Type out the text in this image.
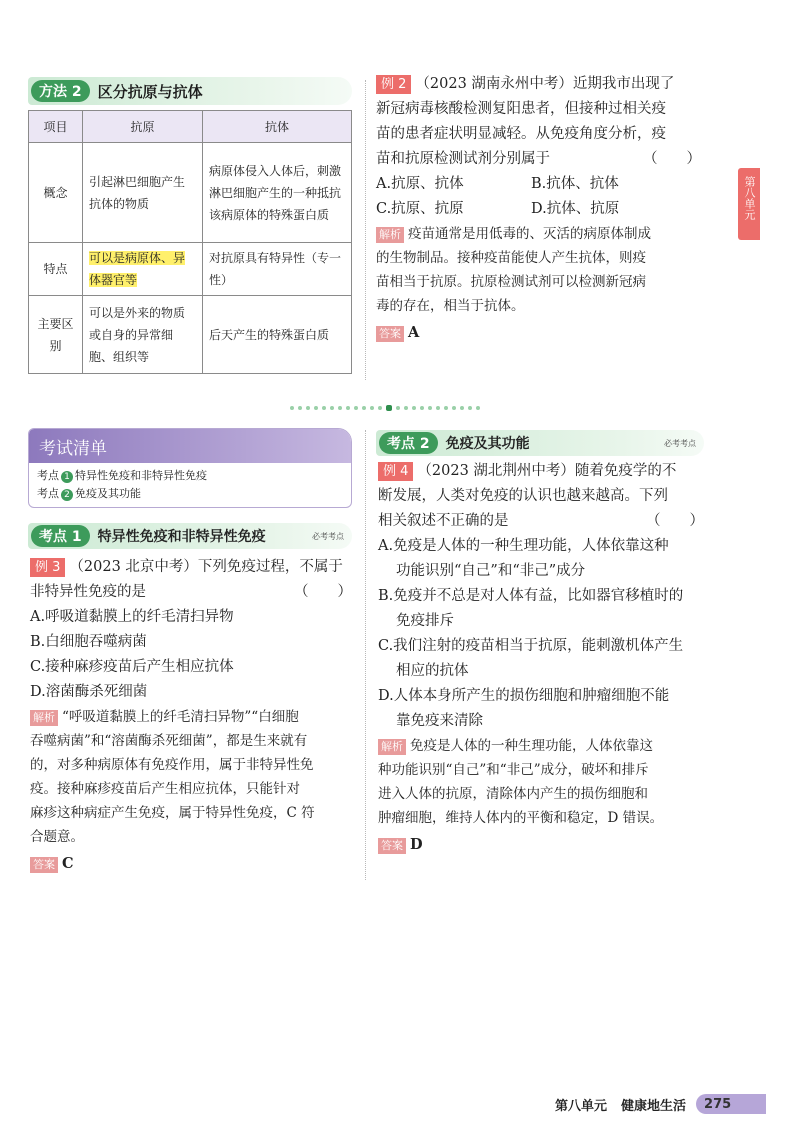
方法 2	区分抗原与抗体
项目	抗原	抗体
概念	引起淋巴细胞产生抗体的物质	病原体侵入人体后，刺激淋巴细胞产生的一种抵抗该病原体的特殊蛋白质
特点	可以是病原体、异体器官等	对抗原具有特异性（专一性）
主要区别	可以是外来的物质或自身的异常细胞、组织等	后天产生的特殊蛋白质
考试清单
考点 1 特异性免疫和非特异性免疫
考点 2 免疫及其功能
考点 1	特异性免疫和非特异性免疫	必考考点
例 3 （2023 北京中考）下列免疫过程，不属于
非特异性免疫的是	（　　）
A.呼吸道黏膜上的纤毛清扫异物
B.白细胞吞噬病菌
C.接种麻疹疫苗后产生相应抗体
D.溶菌酶杀死细菌
解析 “呼吸道黏膜上的纤毛清扫异物”“白细胞
吞噬病菌”和“溶菌酶杀死细菌”，都是生来就有
的，对多种病原体有免疫作用，属于非特异性免
疫。接种麻疹疫苗后产生相应抗体，只能针对
麻疹这种病症产生免疫，属于特异性免疫，C 符
合题意。
答案 C
例 2 （2023 湖南永州中考）近期我市出现了
新冠病毒核酸检测复阳患者，但接种过相关疫
苗的患者症状明显减轻。从免疫角度分析，疫
苗和抗原检测试剂分别属于	（　　）
A.抗原、抗体	B.抗体、抗体
C.抗原、抗原	D.抗体、抗原
解析 疫苗通常是用低毒的、灭活的病原体制成
的生物制品。接种疫苗能使人产生抗体，则疫
苗相当于抗原。抗原检测试剂可以检测新冠病
毒的存在，相当于抗体。
答案 A
第八单元
考点 2	免疫及其功能	必考考点
例 4 （2023 湖北荆州中考）随着免疫学的不
断发展，人类对免疫的认识也越来越高。下列
相关叙述不正确的是	（　　）
A.免疫是人体的一种生理功能，人体依靠这种
功能识别“自己”和“非己”成分
B.免疫并不总是对人体有益，比如器官移植时的
免疫排斥
C.我们注射的疫苗相当于抗原，能刺激机体产生
相应的抗体
D.人体本身所产生的损伤细胞和肿瘤细胞不能
靠免疫来清除
解析 免疫是人体的一种生理功能，人体依靠这
种功能识别“自己”和“非己”成分，破坏和排斥
进入人体的抗原，清除体内产生的损伤细胞和
肿瘤细胞，维持人体内的平衡和稳定，D 错误。
答案 D
第八单元 健康地生活	275
